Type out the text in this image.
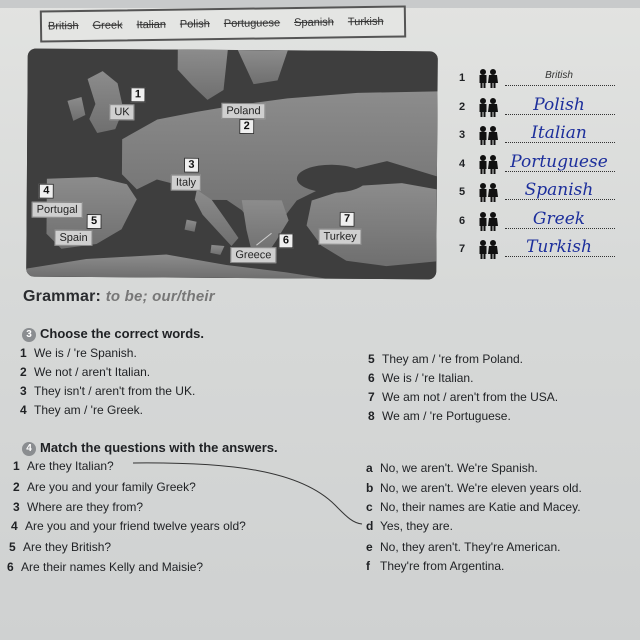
British Greek Italian Polish Portuguese Spanish Turkish
1
UK	Poland
2
3
Italy
4
Portugal
5
Spain	6
Greece
7
Turkey
1	British
2	Polish
3	Italian
4	Portuguese
5	Spanish
6	Greek
7	Turkish
Grammar: to be; our/their
3 Choose the correct words.
1 We is / 're Spanish.
2 We not / aren't Italian.
3 They isn't / aren't from the UK.
4 They am / 're Greek.
5 They am / 're from Poland.
6 We is / 're Italian.
7 We am not / aren't from the USA.
8 We am / 're Portuguese.
4 Match the questions with the answers.
1 Are they Italian?
2 Are you and your family Greek?
3 Where are they from?
4 Are you and your friend twelve years old?
5 Are they British?
6 Are their names Kelly and Maisie?
a No, we aren't. We're Spanish.
b No, we aren't. We're eleven years old.
c No, their names are Katie and Macey.
d Yes, they are.
e No, they aren't. They're American.
f They're from Argentina.
